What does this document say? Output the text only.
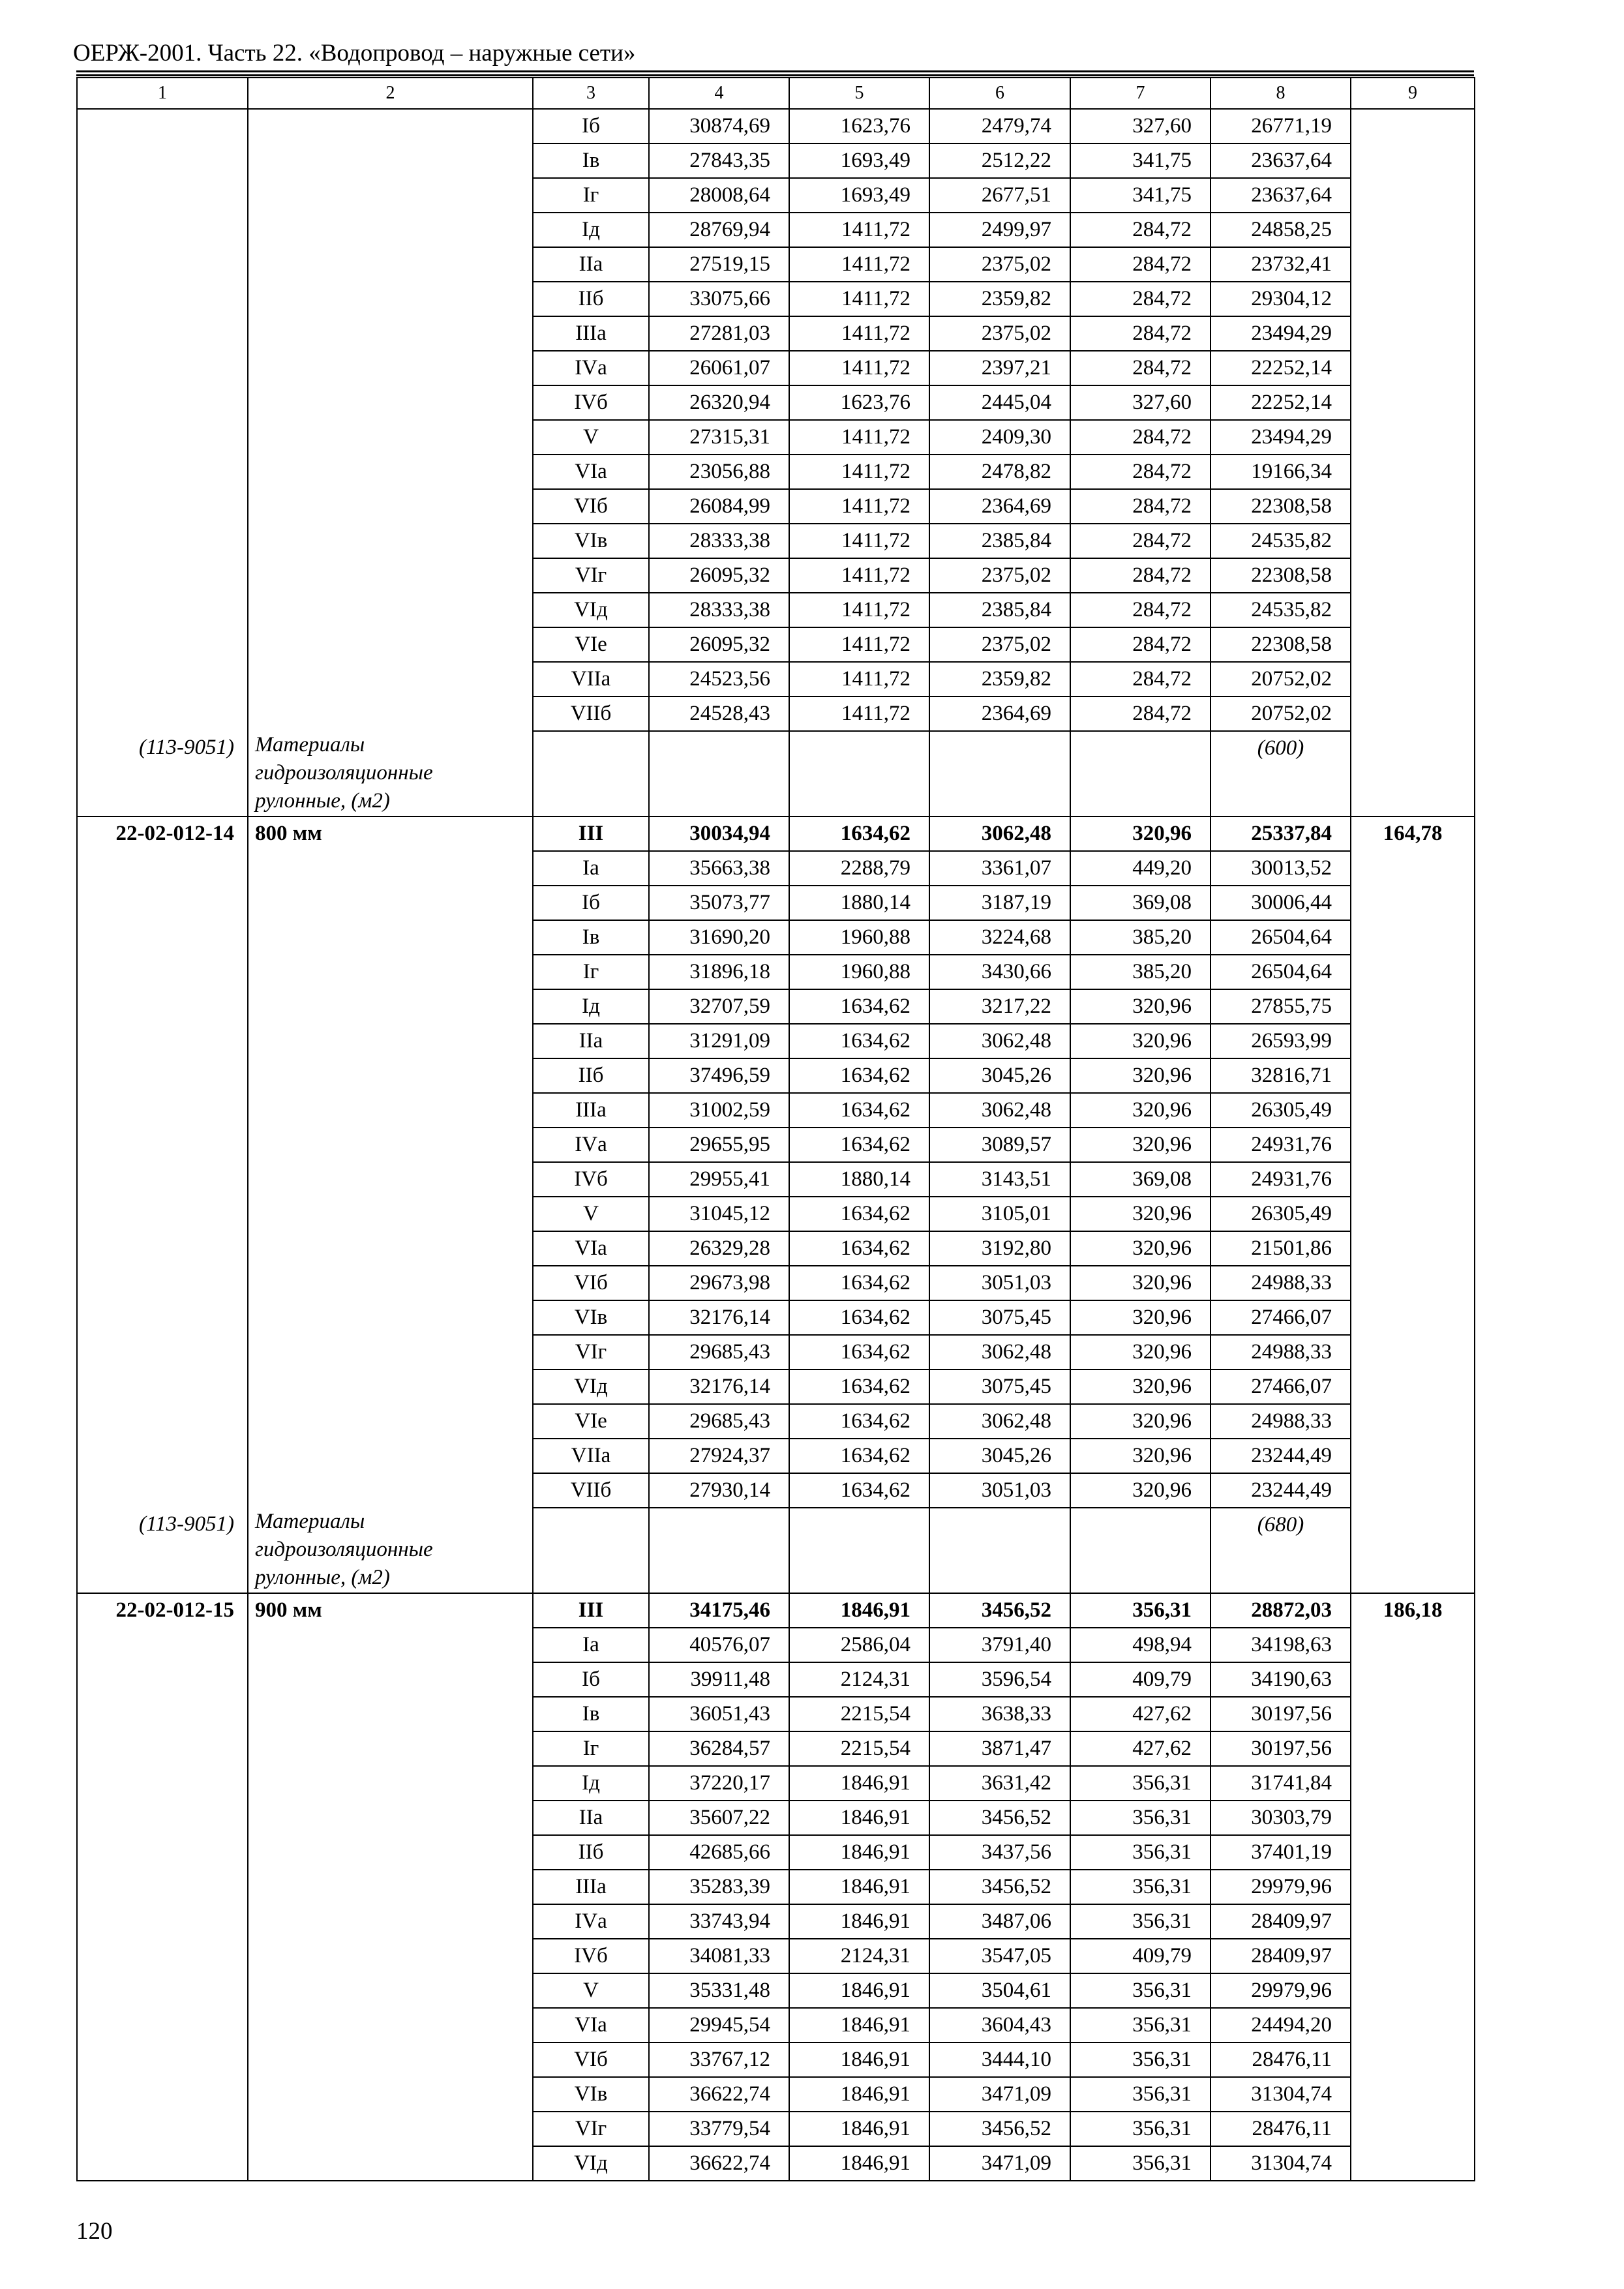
ОЕРЖ-2001. Часть 22. «Водопровод – наружные сети»
1	2	3	4	5	6	7	8	9
		Iб	30874,69	1623,76	2479,74	327,60	26771,19	
		Iв	27843,35	1693,49	2512,22	341,75	23637,64	
		Iг	28008,64	1693,49	2677,51	341,75	23637,64	
		Iд	28769,94	1411,72	2499,97	284,72	24858,25	
		IIа	27519,15	1411,72	2375,02	284,72	23732,41	
		IIб	33075,66	1411,72	2359,82	284,72	29304,12	
		IIIа	27281,03	1411,72	2375,02	284,72	23494,29	
		IVа	26061,07	1411,72	2397,21	284,72	22252,14	
		IVб	26320,94	1623,76	2445,04	327,60	22252,14	
		V	27315,31	1411,72	2409,30	284,72	23494,29	
		VIа	23056,88	1411,72	2478,82	284,72	19166,34	
		VIб	26084,99	1411,72	2364,69	284,72	22308,58	
		VIв	28333,38	1411,72	2385,84	284,72	24535,82	
		VIг	26095,32	1411,72	2375,02	284,72	22308,58	
		VIд	28333,38	1411,72	2385,84	284,72	24535,82	
		VIе	26095,32	1411,72	2375,02	284,72	22308,58	
		VIIа	24523,56	1411,72	2359,82	284,72	20752,02	
		VIIб	24528,43	1411,72	2364,69	284,72	20752,02	
(113-9051)	Материалы
гидроизоляционные
рулонные, (м2)						(600)	
22-02-012-14	800 мм	III	30034,94	1634,62	3062,48	320,96	25337,84	164,78
		Iа	35663,38	2288,79	3361,07	449,20	30013,52	
		Iб	35073,77	1880,14	3187,19	369,08	30006,44	
		Iв	31690,20	1960,88	3224,68	385,20	26504,64	
		Iг	31896,18	1960,88	3430,66	385,20	26504,64	
		Iд	32707,59	1634,62	3217,22	320,96	27855,75	
		IIа	31291,09	1634,62	3062,48	320,96	26593,99	
		IIб	37496,59	1634,62	3045,26	320,96	32816,71	
		IIIа	31002,59	1634,62	3062,48	320,96	26305,49	
		IVа	29655,95	1634,62	3089,57	320,96	24931,76	
		IVб	29955,41	1880,14	3143,51	369,08	24931,76	
		V	31045,12	1634,62	3105,01	320,96	26305,49	
		VIа	26329,28	1634,62	3192,80	320,96	21501,86	
		VIб	29673,98	1634,62	3051,03	320,96	24988,33	
		VIв	32176,14	1634,62	3075,45	320,96	27466,07	
		VIг	29685,43	1634,62	3062,48	320,96	24988,33	
		VIд	32176,14	1634,62	3075,45	320,96	27466,07	
		VIе	29685,43	1634,62	3062,48	320,96	24988,33	
		VIIа	27924,37	1634,62	3045,26	320,96	23244,49	
		VIIб	27930,14	1634,62	3051,03	320,96	23244,49	
(113-9051)	Материалы
гидроизоляционные
рулонные, (м2)						(680)	
22-02-012-15	900 мм	III	34175,46	1846,91	3456,52	356,31	28872,03	186,18
		Iа	40576,07	2586,04	3791,40	498,94	34198,63	
		Iб	39911,48	2124,31	3596,54	409,79	34190,63	
		Iв	36051,43	2215,54	3638,33	427,62	30197,56	
		Iг	36284,57	2215,54	3871,47	427,62	30197,56	
		Iд	37220,17	1846,91	3631,42	356,31	31741,84	
		IIа	35607,22	1846,91	3456,52	356,31	30303,79	
		IIб	42685,66	1846,91	3437,56	356,31	37401,19	
		IIIа	35283,39	1846,91	3456,52	356,31	29979,96	
		IVа	33743,94	1846,91	3487,06	356,31	28409,97	
		IVб	34081,33	2124,31	3547,05	409,79	28409,97	
		V	35331,48	1846,91	3504,61	356,31	29979,96	
		VIа	29945,54	1846,91	3604,43	356,31	24494,20	
		VIб	33767,12	1846,91	3444,10	356,31	28476,11	
		VIв	36622,74	1846,91	3471,09	356,31	31304,74	
		VIг	33779,54	1846,91	3456,52	356,31	28476,11	
		VIд	36622,74	1846,91	3471,09	356,31	31304,74	
120
